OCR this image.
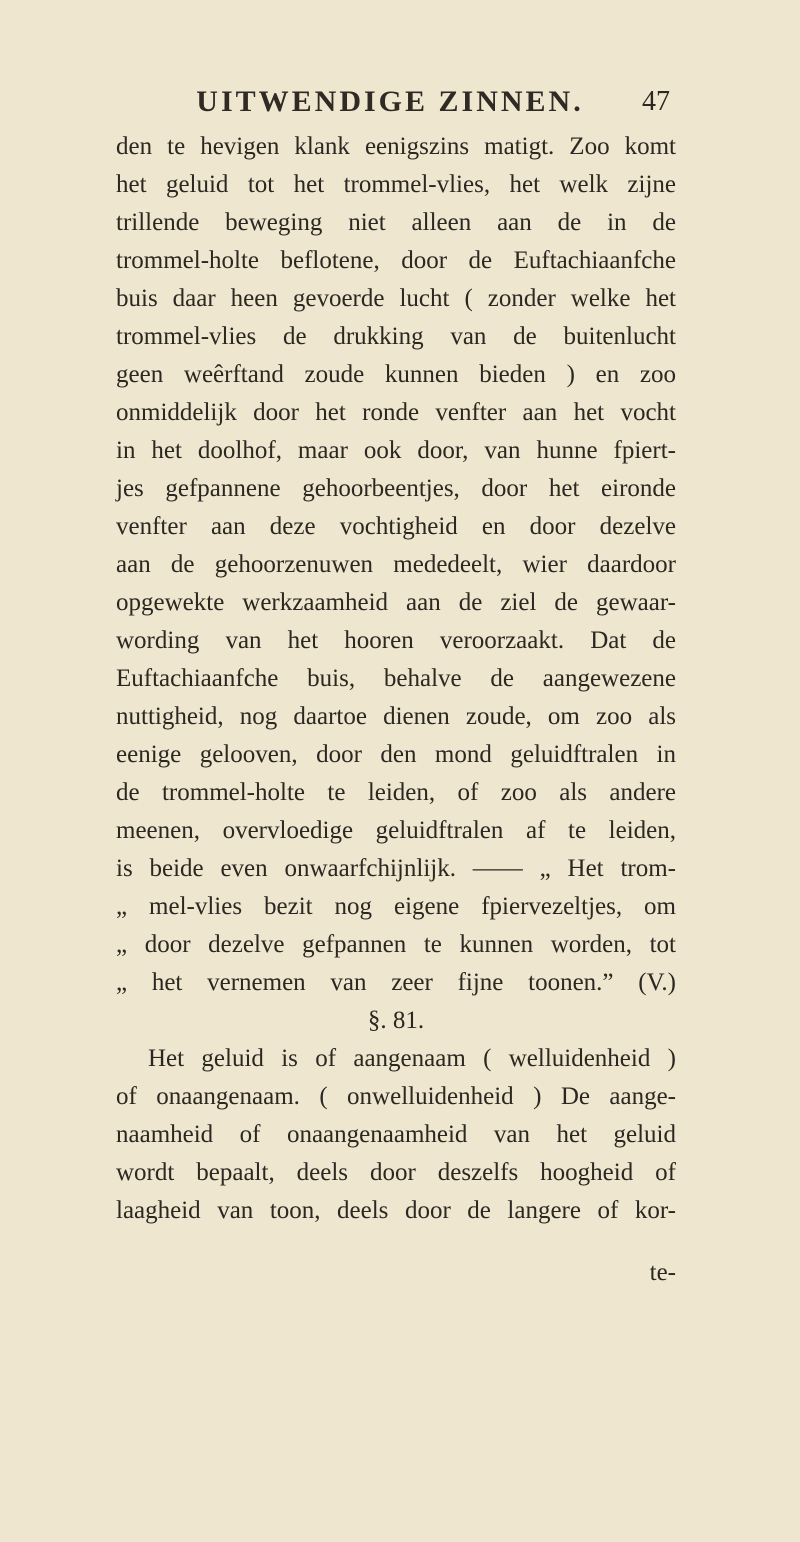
UITWENDIGE ZINNEN.	47
den te hevigen klank eenigszins matigt. Zoo komt
het geluid tot het trommel-vlies, het welk zijne
trillende beweging niet alleen aan de in de
trommel-holte beflotene, door de Euftachiaanfche
buis daar heen gevoerde lucht ( zonder welke het
trommel-vlies de drukking van de buitenlucht
geen weêrftand zoude kunnen bieden ) en zoo
onmiddelijk door het ronde venfter aan het vocht
in het doolhof, maar ook door, van hunne fpiert-
jes gefpannene gehoorbeentjes, door het eironde
venfter aan deze vochtigheid en door dezelve
aan de gehoorzenuwen mededeelt, wier daardoor
opgewekte werkzaamheid aan de ziel de gewaar-
wording van het hooren veroorzaakt. Dat de
Euftachiaanfche buis, behalve de aangewezene
nuttigheid, nog daartoe dienen zoude, om zoo als
eenige gelooven, door den mond geluidftralen in
de trommel-holte te leiden, of zoo als andere
meenen, overvloedige geluidftralen af te leiden,
is beide even onwaarfchijnlijk. —— „ Het trom-
„ mel-vlies bezit nog eigene fpiervezeltjes, om
„ door dezelve gefpannen te kunnen worden, tot
„ het vernemen van zeer fijne toonen.” (V.)
§. 81.
Het geluid is of aangenaam ( welluidenheid )
of onaangenaam. ( onwelluidenheid ) De aange-
naamheid of onaangenaamheid van het geluid
wordt bepaalt, deels door deszelfs hoogheid of
laagheid van toon, deels door de langere of kor-
te-
